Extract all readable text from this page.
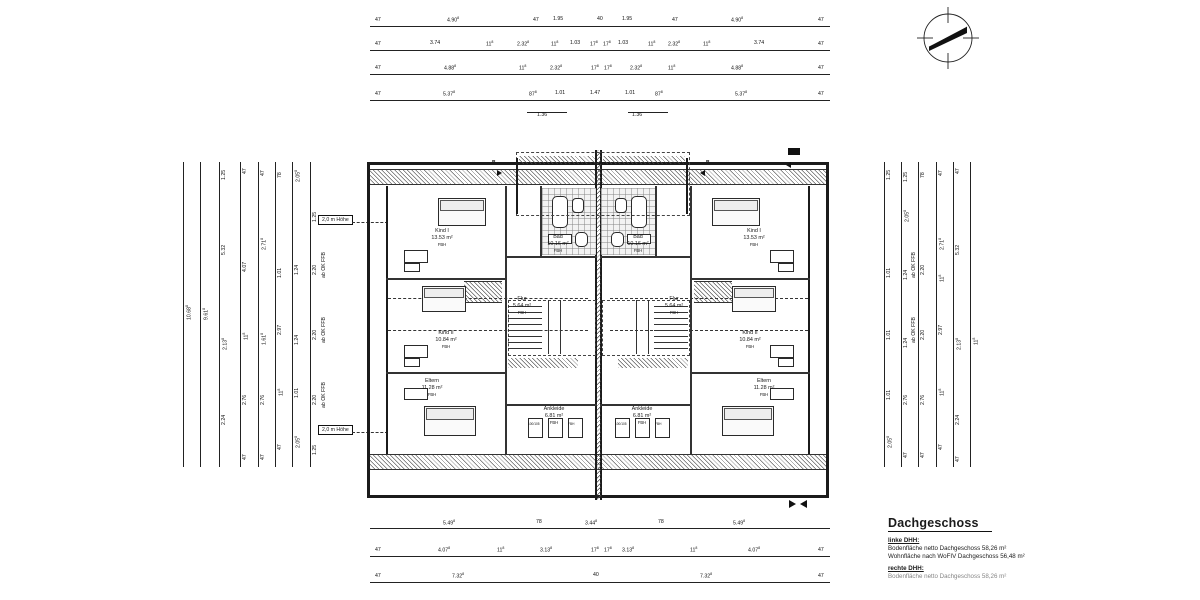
47	4.90$^8$	47	1.95	40	1.95	47	4.90$^8$	47
47	3.74	$11^8$	2.32$^8$	$11^8$ 1.03 $17^8$ $17^8$ 1.03	$11^8$ 2.32$^8$	$11^8$	3.74	47
47	4.88$^8$	$11^8$	2.32$^8$	$17^8$ $17^8$	2.32$^8$	$11^8$	4.88$^8$	47
47	5.37$^8$	$87^8$	1.01	1.47	1.01	$87^8$	5.37$^8$	47
1.36	1.36
10.68$^8$
9.61$^8$
1.25
5.32
2.13$^8$
2.24
47
4.07
$11^8$
2.76
47
47
2.71$^8$
1.61$^8$
2.76
47
78
1.01
2.97
$11^8$
47
2.05$^8$
1.24
1.24
1.01
2.05$^8$
1.25
2.20 ab OK FFB
2.20 ab OK FFB
2.20 ab OK FFB
1.25
2,0 m Höhe
2,0 m Höhe
1.25
1.01
1.01
1.01
2.05$^8$
1.25
2.05$^8$
1.24
1.24
2.76
47
78
2.20
ab OK FFB
2.20
ab OK FFB
2.76
47
47
2.71$^8$
$11^8$
2.97
$11^8$
47
47
5.32
2.13$^8$
2.24
47
$11^8$
100/105	FBH
Kind I
13.53 m²
FBH
Bad
10.16 m²
FBH
Flur
5.64 m²
FBH
Kind II
10.84 m²
FBH
Eltern
11.28 m²
FBH
Ankleide
6.81 m²
FBH	100/105	FBH
Kind I
13.53 m²
FBH
Bad
10.16 m²
FBH
Flur
5.64 m²
FBH
Kind II
10.84 m²
FBH
Eltern
11.28 m²
FBH
Ankleide
6.81 m²
FBH
B	B
5.49$^8$	78	3.44$^8$	78	5.49$^8$
47	4.07$^8$	$11^8$	3.13$^8$	$17^8$ $17^8$ 3.13$^8$	$11^8$	4.07$^8$	47
47	7.32$^8$	40	7.32$^8$	47
Dachgeschoss
linke DHH:
Bodenfläche netto Dachgeschoss 58,26 m²
Wohnfläche nach WoFIV Dachgeschoss 56,48 m²
rechte DHH:
Bodenfläche netto Dachgeschoss 58,26 m²
